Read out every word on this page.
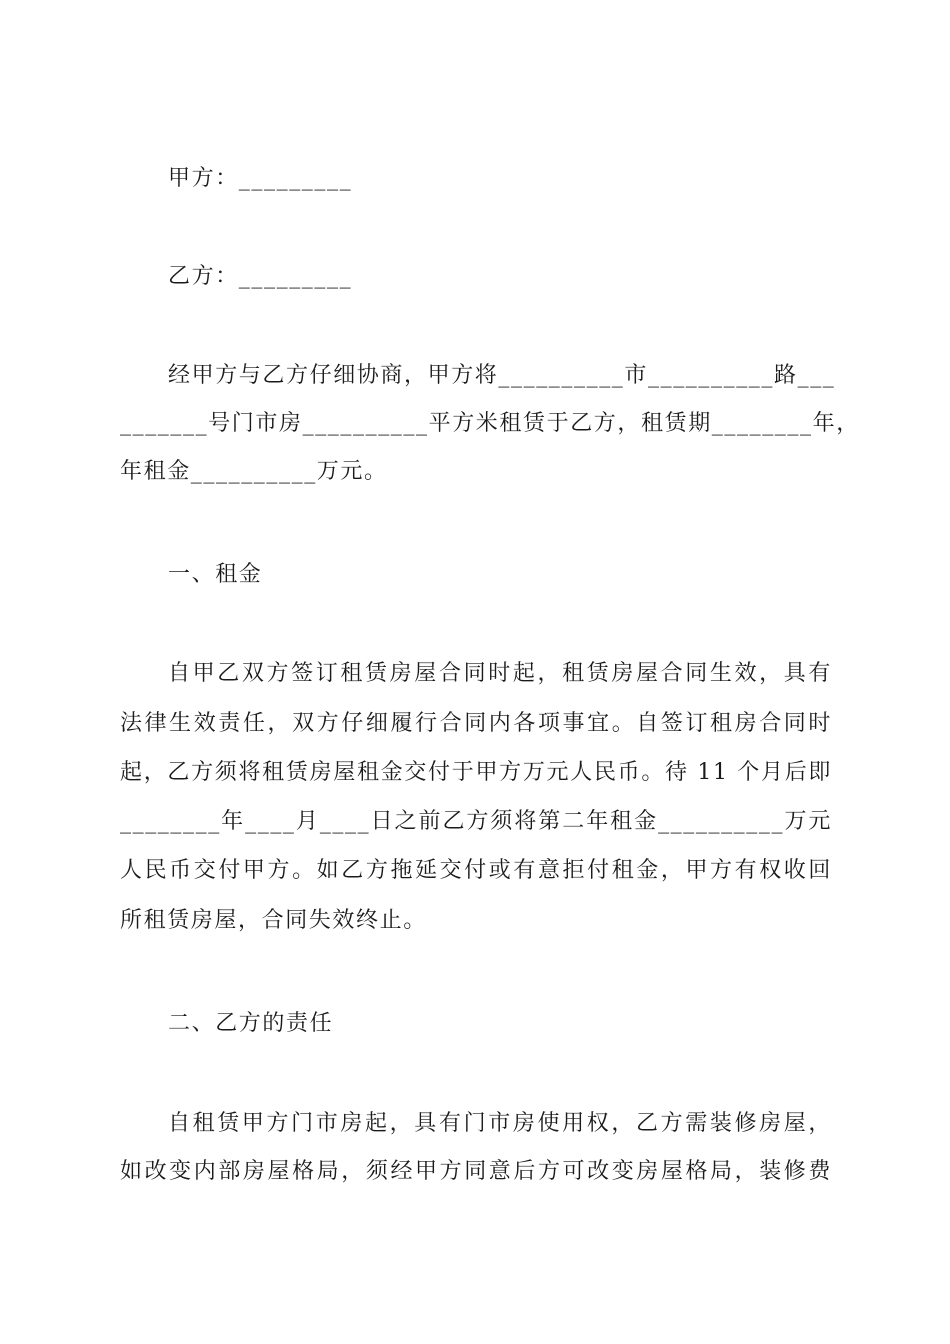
甲方：_________
乙方：_________
经甲方与乙方仔细协商，甲方将__________市__________路___
_______号门市房__________平方米租赁于乙方，租赁期________年，
年租金__________万元。
一、租金
自甲乙双方签订租赁房屋合同时起，租赁房屋合同生效，具有
法律生效责任，双方仔细履行合同内各项事宜。自签订租房合同时
起，乙方须将租赁房屋租金交付于甲方万元人民币。待 11 个月后即
________年____月____日之前乙方须将第二年租金__________万元
人民币交付甲方。如乙方拖延交付或有意拒付租金，甲方有权收回
所租赁房屋，合同失效终止。
二、乙方的责任
自租赁甲方门市房起，具有门市房使用权，乙方需装修房屋，
如改变内部房屋格局，须经甲方同意后方可改变房屋格局，装修费
